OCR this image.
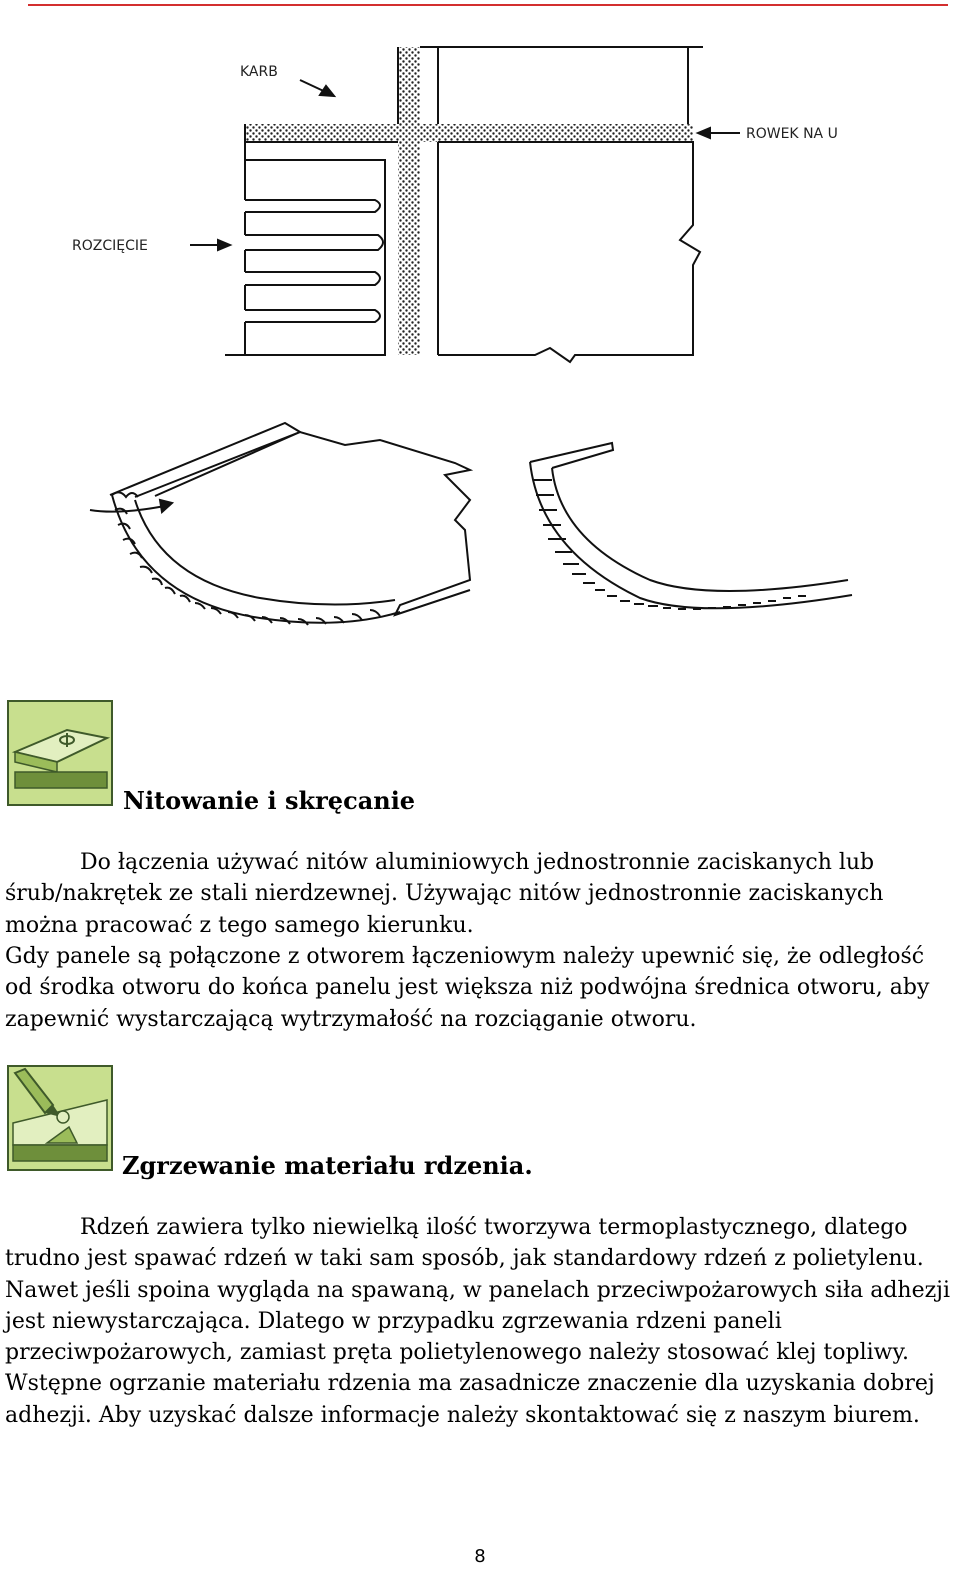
KARB
ROWEK NA U
ROZCIĘCIE
Nitowanie i skręcanie

Do łączenia używać nitów aluminiowych jednostronnie zaciskanych lub śrub/nakrętek ze stali nierdzewnej. Używając nitów jednostronnie zaciskanych można pracować z tego samego kierunku.

Gdy panele są połączone z otworem łączeniowym należy upewnić się, że odległość od środka otworu do końca panelu jest większa niż podwójna średnica otworu, aby zapewnić wystarczającą wytrzymałość na rozciąganie otworu.

Zgrzewanie materiału rdzenia.

Rdzeń zawiera tylko niewielką ilość tworzywa termoplastycznego, dlatego trudno jest spawać rdzeń w taki sam sposób, jak standardowy rdzeń z polietylenu. Nawet jeśli spoina wygląda na spawaną, w panelach przeciwpożarowych siła adhezji jest niewystarczająca. Dlatego w przypadku zgrzewania rdzeni paneli przeciwpożarowych, zamiast pręta polietylenowego należy stosować klej topliwy. Wstępne ogrzanie materiału rdzenia ma zasadnicze znaczenie dla uzyskania dobrej adhezji. Aby uzyskać dalsze informacje należy skontaktować się z naszym biurem.

8
